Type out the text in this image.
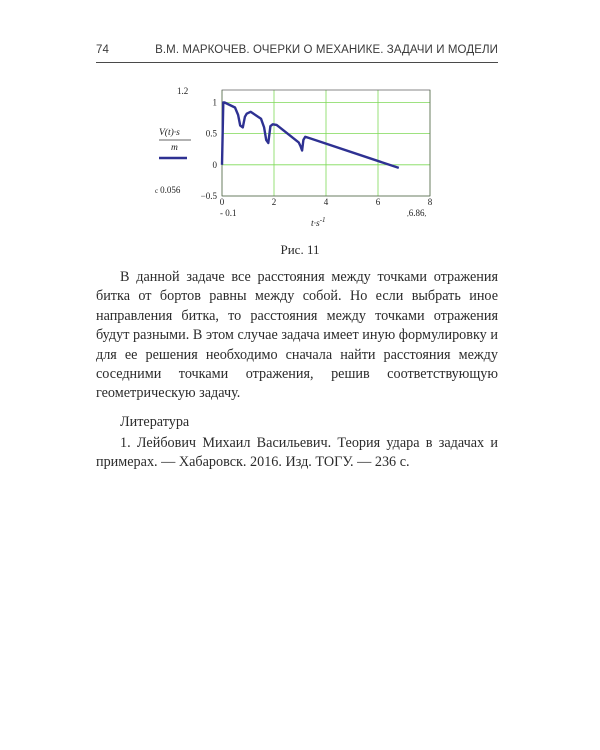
74	В.М. МАРКОЧЕВ. ОЧЕРКИ О МЕХАНИКЕ. ЗАДАЧИ И МОДЕЛИ
1
0.5
0
−0.5
0	2	4	6	8
1.2
c 0.056
- 0.1	,6.86,
V(t)·s
m
$t\cdot s^{-1}$
Рис. 11

В данной задаче все расстояния между точками отражения битка от бортов равны между собой. Но если выбрать иное направления битка, то расстояния между точками отражения будут разными. В этом случае задача имеет иную формулировку и для ее решения необходимо сначала найти расстояния между соседними точками отражения, решив соответствующую геометрическую задачу.

Литература

1. Лейбович Михаил Васильевич. Теория удара в задачах и примерах. — Хабаровск. 2016. Изд. ТОГУ. — 236 с.
